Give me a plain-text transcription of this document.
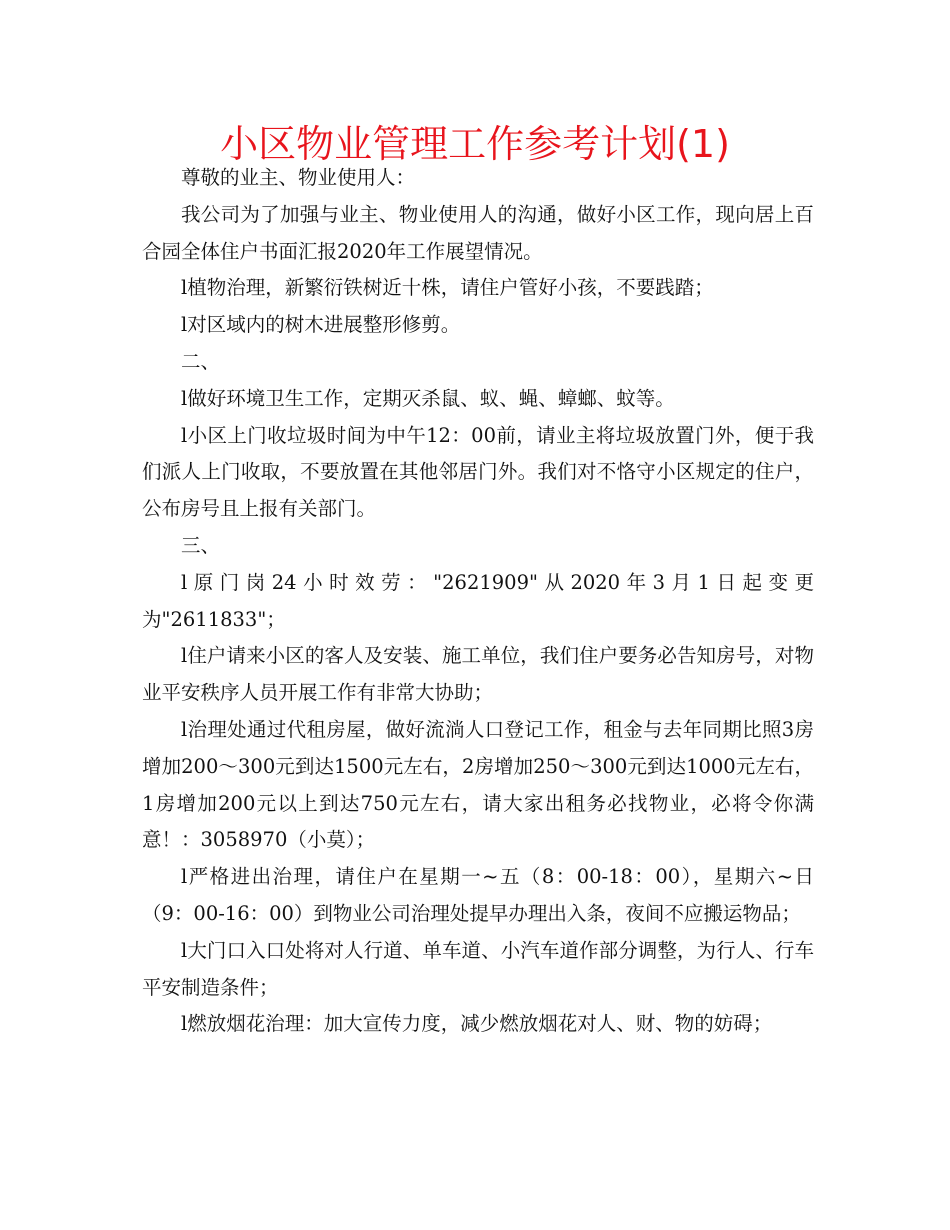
小区物业管理工作参考计划(1)

尊敬的业主、物业使用人：

我公司为了加强与业主、物业使用人的沟通，做好小区工作，现向居上百合园全体住户书面汇报2020年工作展望情况。

l植物治理，新繁衍铁树近十株，请住户管好小孩，不要践踏；

l对区域内的树木进展整形修剪。

二、

l做好环境卫生工作，定期灭杀鼠、蚁、蝇、蟑螂、蚊等。

l小区上门收垃圾时间为中午12：00前，请业主将垃圾放置门外，便于我们派人上门收取，不要放置在其他邻居门外。我们对不恪守小区规定的住户，公布房号且上报有关部门。

三、

l原门岗24小时效劳："2621909"从2020年3月1日起变更为"2611833"；

l住户请来小区的客人及安装、施工单位，我们住户要务必告知房号，对物业平安秩序人员开展工作有非常大协助；

l治理处通过代租房屋，做好流淌人口登记工作，租金与去年同期比照3房增加200～300元到达1500元左右，2房增加250～300元到达1000元左右，1房增加200元以上到达750元左右，请大家出租务必找物业，必将令你满意！：3058970（小莫）；

l严格进出治理，请住户在星期一~五（8：00-18：00），星期六~日（9：00-16：00）到物业公司治理处提早办理出入条，夜间不应搬运物品；

l大门口入口处将对人行道、单车道、小汽车道作部分调整，为行人、行车平安制造条件；

l燃放烟花治理：加大宣传力度，减少燃放烟花对人、财、物的妨碍；
